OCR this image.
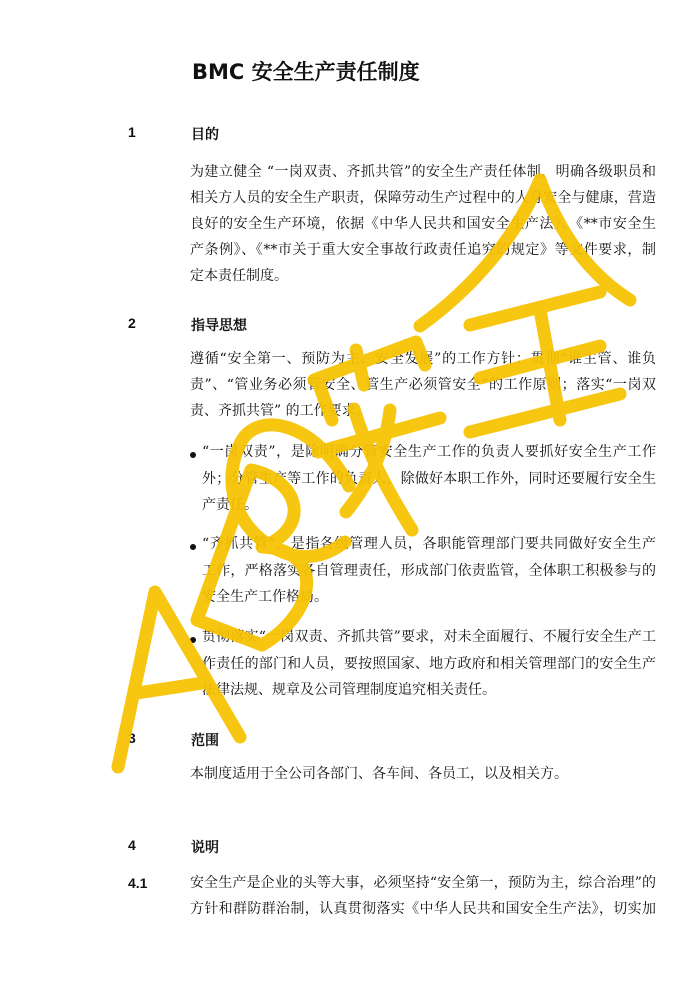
BMC 安全生产责任制度
1	目的
为建立健全 “一岗双责、齐抓共管”的安全生产责任体制，明确各级职员和
相关方人员的安全生产职责，保障劳动生产过程中的人身安全与健康，营造
良好的安全生产环境，依据《中华人民共和国安全生产法》、《**市安全生
产条例》、《**市关于重大安全事故行政责任追究的规定》等文件要求，制
定本责任制度。
2	指导思想
遵循“安全第一、预防为主、安全发展”的工作方针；贯彻“谁主管、谁负
责”、“管业务必须管安全、管生产必须管安全”的工作原则；落实“一岗双
责、齐抓共管” 的工作要求。
“一岗双责”，是除明确分管安全生产工作的负责人要抓好安全生产工作
外；分管生产等工作的负责人，除做好本职工作外，同时还要履行安全生
产责任。
“齐抓共管”，是指各级管理人员，各职能管理部门要共同做好安全生产
工作，严格落实各自管理责任，形成部门依责监管，全体职工积极参与的
安全生产工作格局。
贯彻落实“一岗双责、齐抓共管”要求，对未全面履行、不履行安全生产工
作责任的部门和人员，要按照国家、地方政府和相关管理部门的安全生产
法律法规、规章及公司管理制度追究相关责任。
3	范围
本制度适用于全公司各部门、各车间、各员工，以及相关方。
4	说明
4.1	安全生产是企业的头等大事，必须坚持“安全第一，预防为主，综合治理”的
方针和群防群治制，认真贯彻落实《中华人民共和国安全生产法》，切实加
